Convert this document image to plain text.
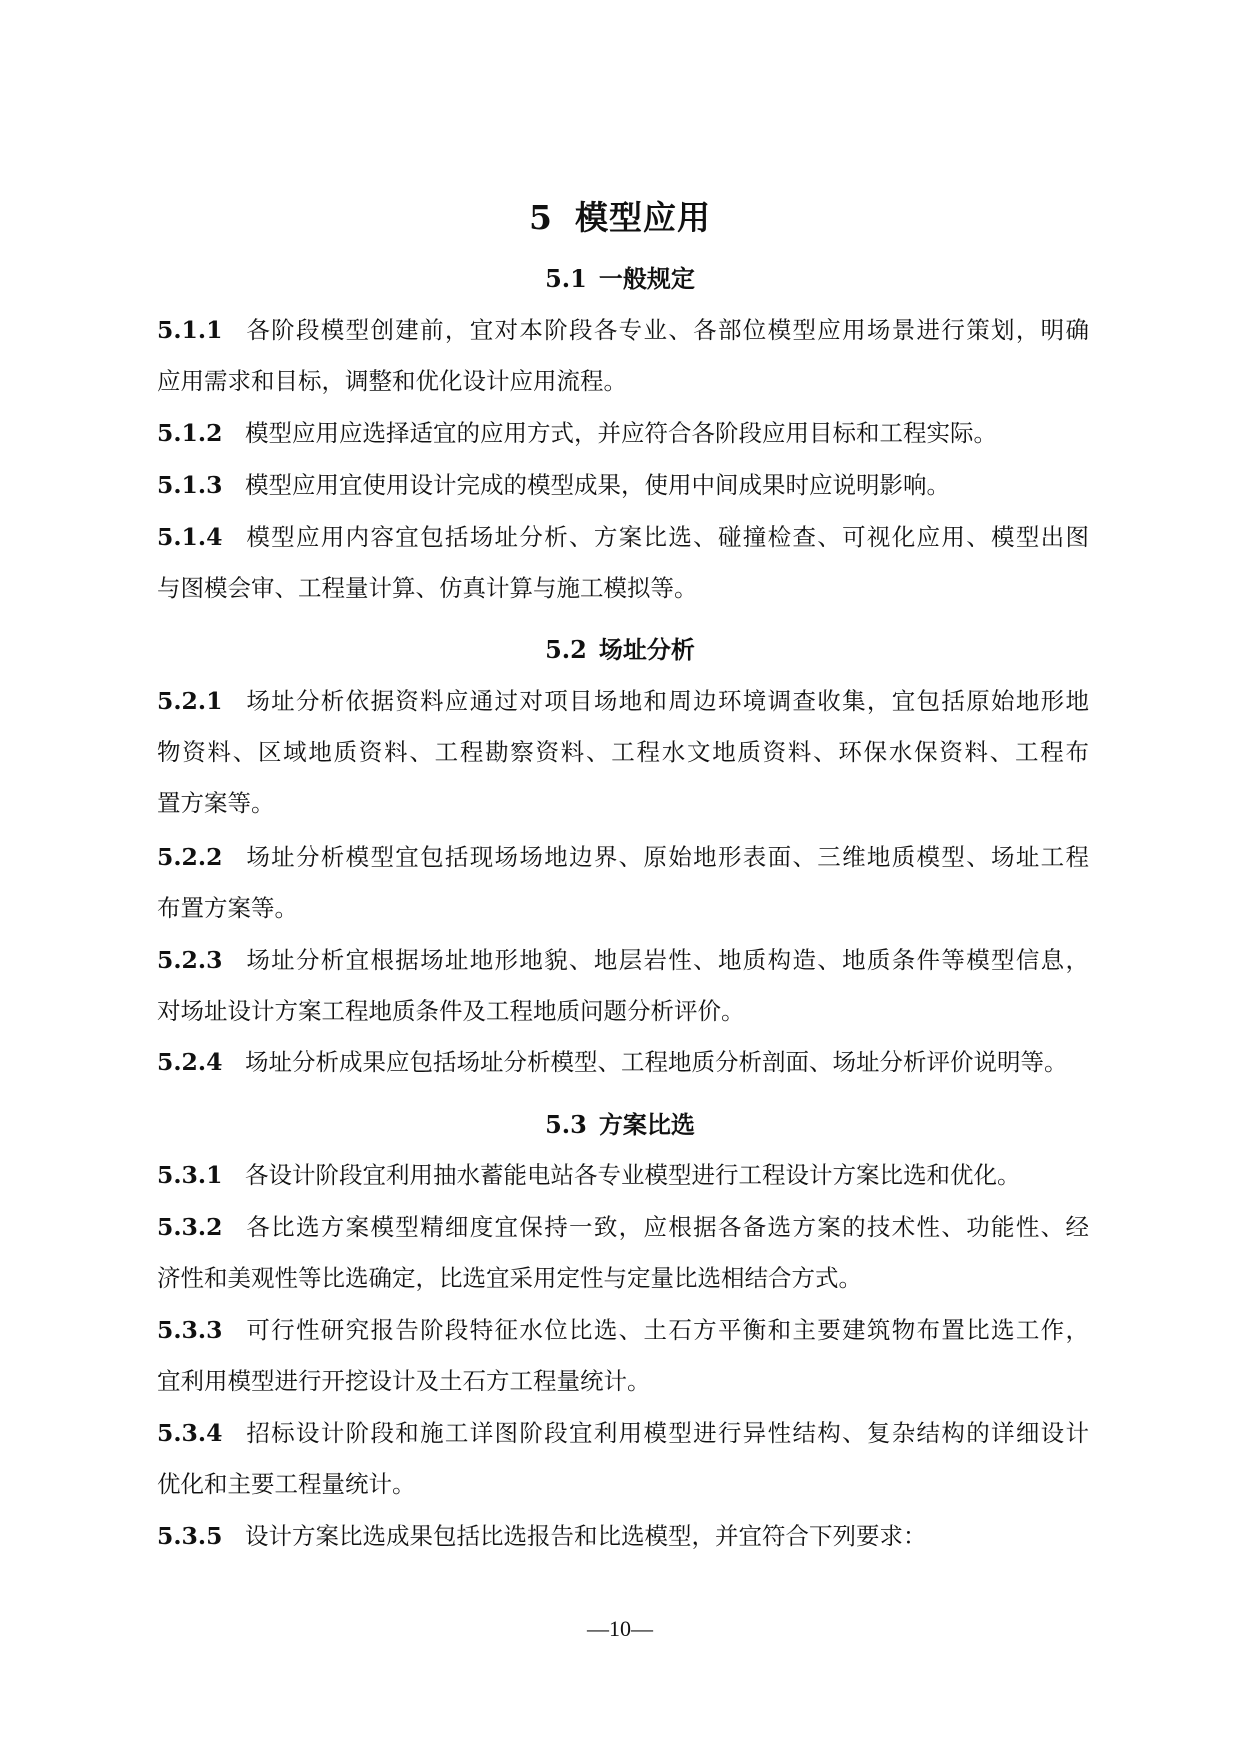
5 模型应用
5.1 一般规定
5.1.1 各阶段模型创建前，宜对本阶段各专业、各部位模型应用场景进行策划，明确
应用需求和目标，调整和优化设计应用流程。
5.1.2 模型应用应选择适宜的应用方式，并应符合各阶段应用目标和工程实际。
5.1.3 模型应用宜使用设计完成的模型成果，使用中间成果时应说明影响。
5.1.4 模型应用内容宜包括场址分析、方案比选、碰撞检查、可视化应用、模型出图
与图模会审、工程量计算、仿真计算与施工模拟等。
5.2 场址分析
5.2.1 场址分析依据资料应通过对项目场地和周边环境调查收集，宜包括原始地形地
物资料、区域地质资料、工程勘察资料、工程水文地质资料、环保水保资料、工程布
置方案等。
5.2.2 场址分析模型宜包括现场场地边界、原始地形表面、三维地质模型、场址工程
布置方案等。
5.2.3 场址分析宜根据场址地形地貌、地层岩性、地质构造、地质条件等模型信息，
对场址设计方案工程地质条件及工程地质问题分析评价。
5.2.4 场址分析成果应包括场址分析模型、工程地质分析剖面、场址分析评价说明等。
5.3 方案比选
5.3.1 各设计阶段宜利用抽水蓄能电站各专业模型进行工程设计方案比选和优化。
5.3.2 各比选方案模型精细度宜保持一致，应根据各备选方案的技术性、功能性、经
济性和美观性等比选确定，比选宜采用定性与定量比选相结合方式。
5.3.3 可行性研究报告阶段特征水位比选、土石方平衡和主要建筑物布置比选工作，
宜利用模型进行开挖设计及土石方工程量统计。
5.3.4 招标设计阶段和施工详图阶段宜利用模型进行异性结构、复杂结构的详细设计
优化和主要工程量统计。
5.3.5 设计方案比选成果包括比选报告和比选模型，并宜符合下列要求：
—10—
